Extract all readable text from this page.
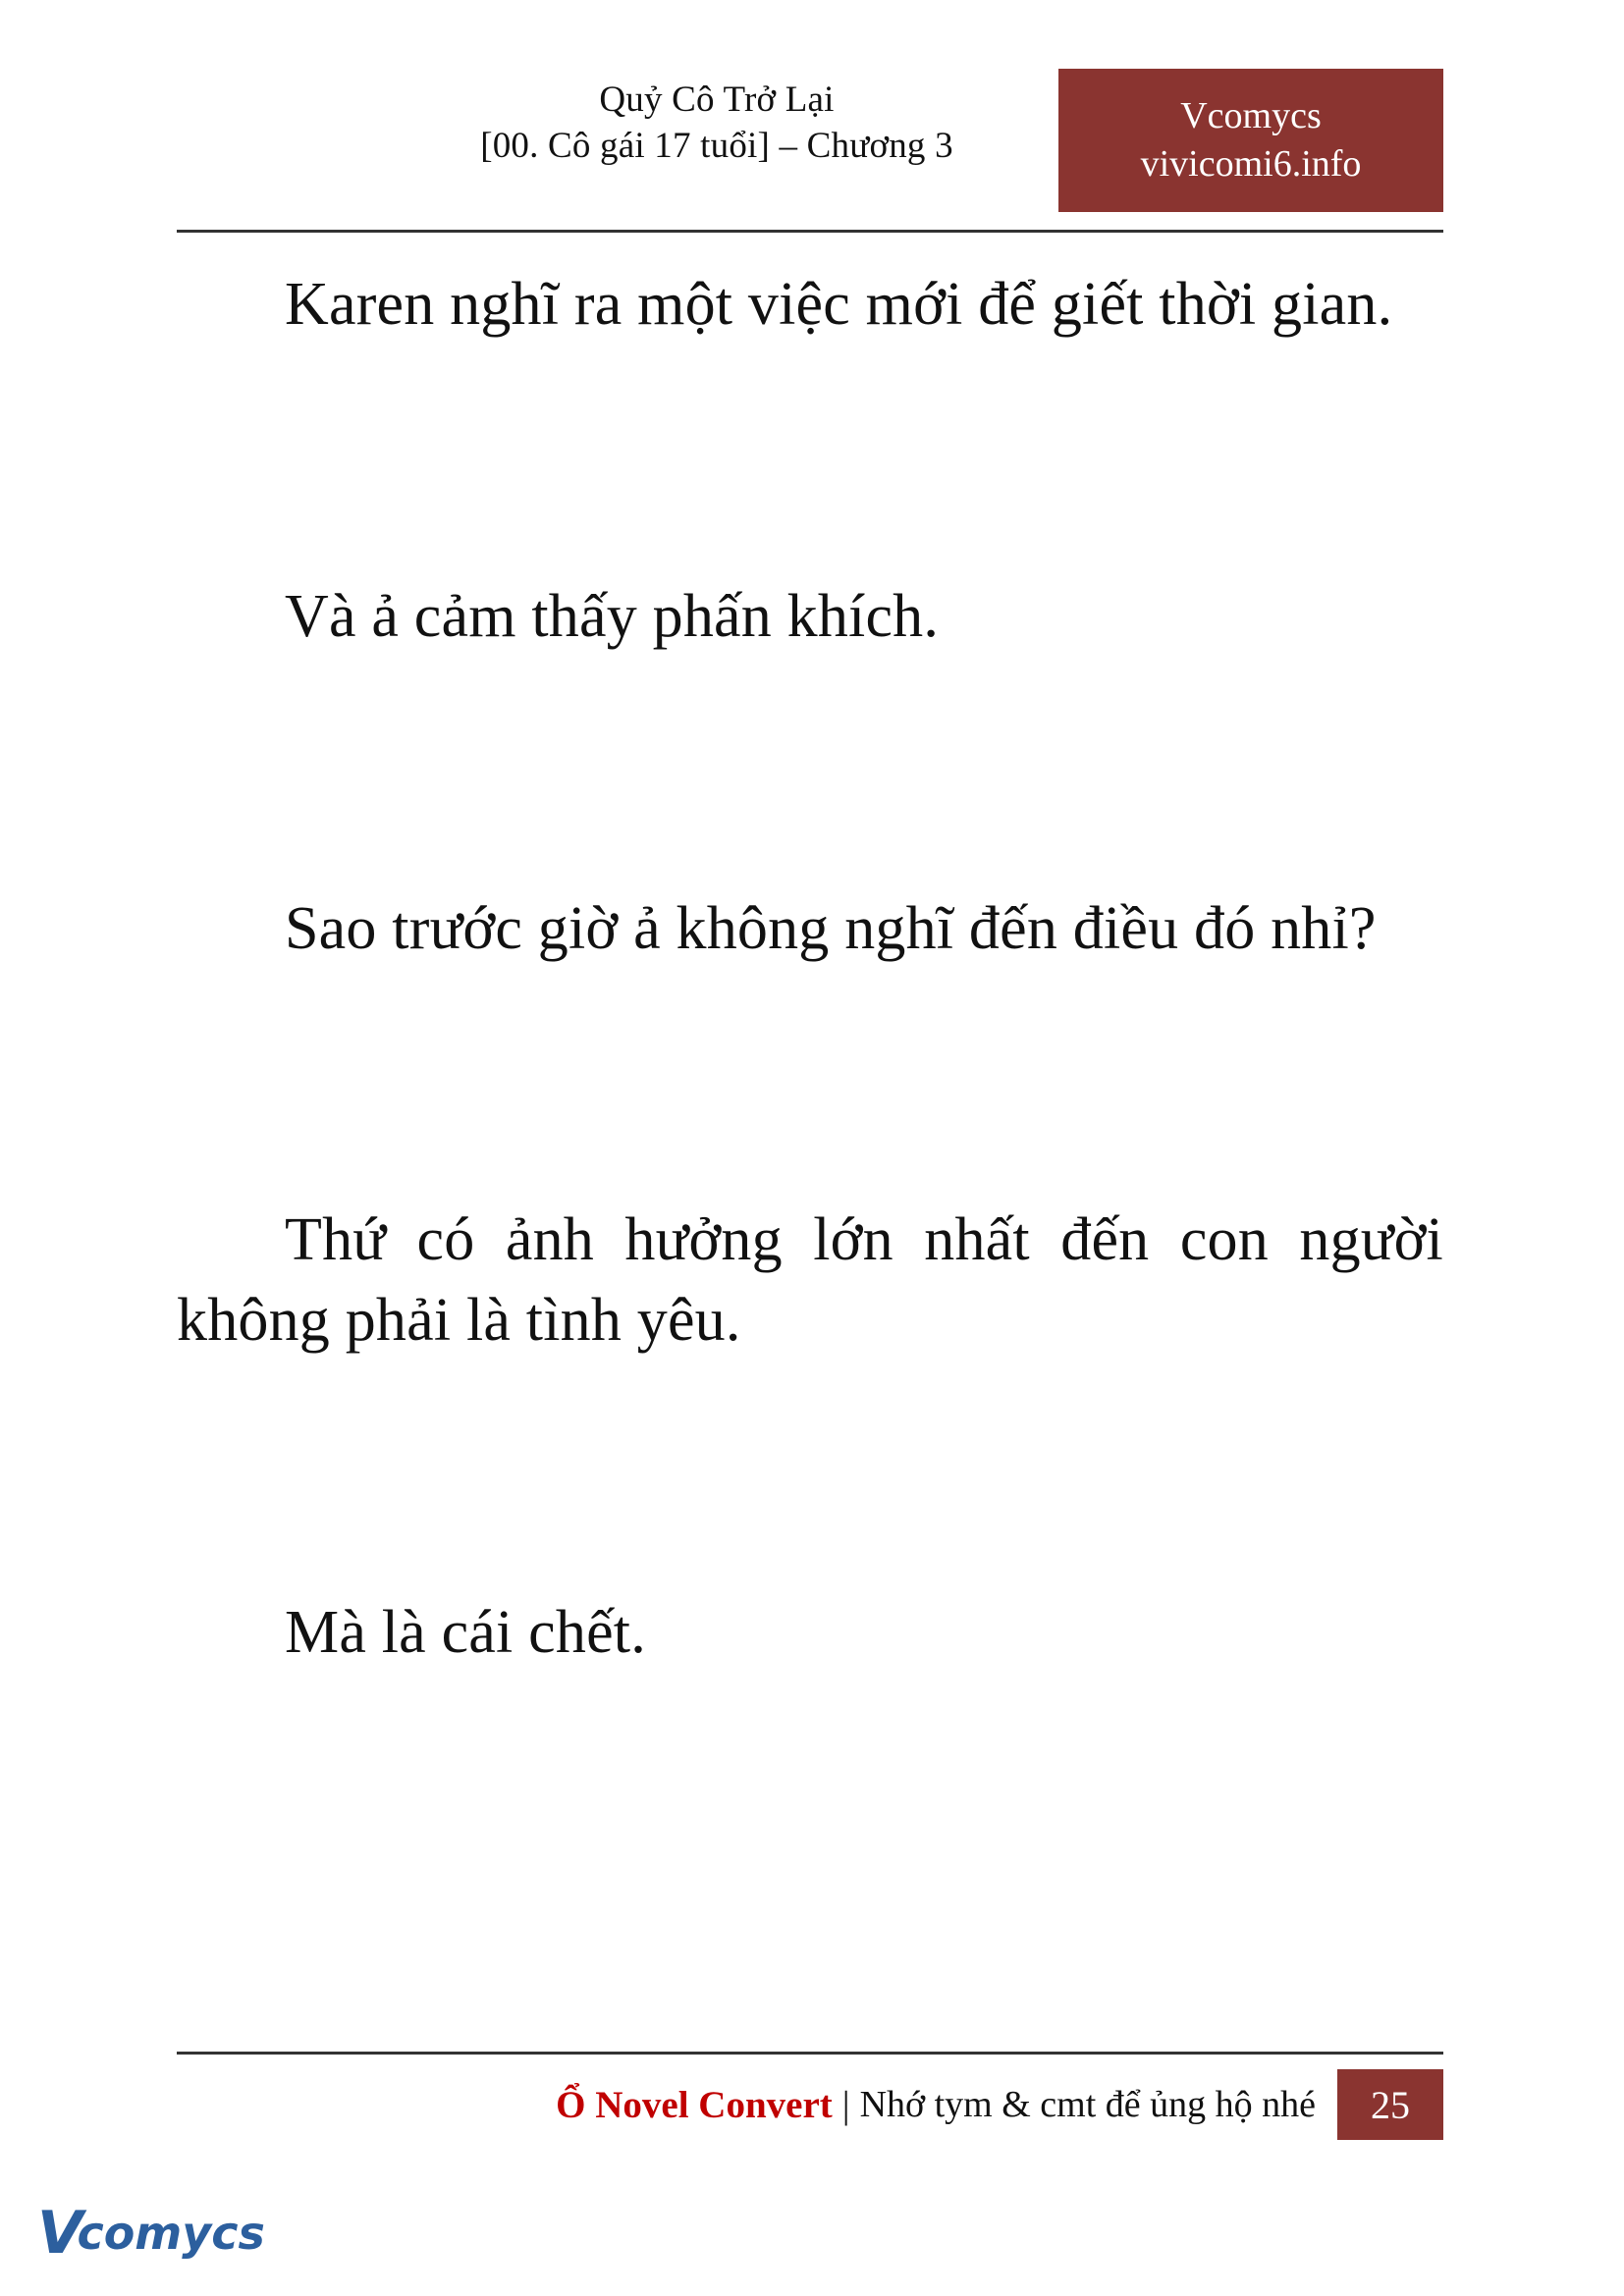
Quỷ Cô Trở Lại
[00. Cô gái 17 tuổi] – Chương 3
Vcomycs
vivicomi6.info

Karen nghĩ ra một việc mới để giết thời gian.

Và ả cảm thấy phấn khích.

Sao trước giờ ả không nghĩ đến điều đó nhỉ?

Thứ có ảnh hưởng lớn nhất đến con người không phải là tình yêu.

Mà là cái chết.

Ổ Novel Convert | Nhớ tym & cmt để ủng hộ nhé	25
V
comycs
